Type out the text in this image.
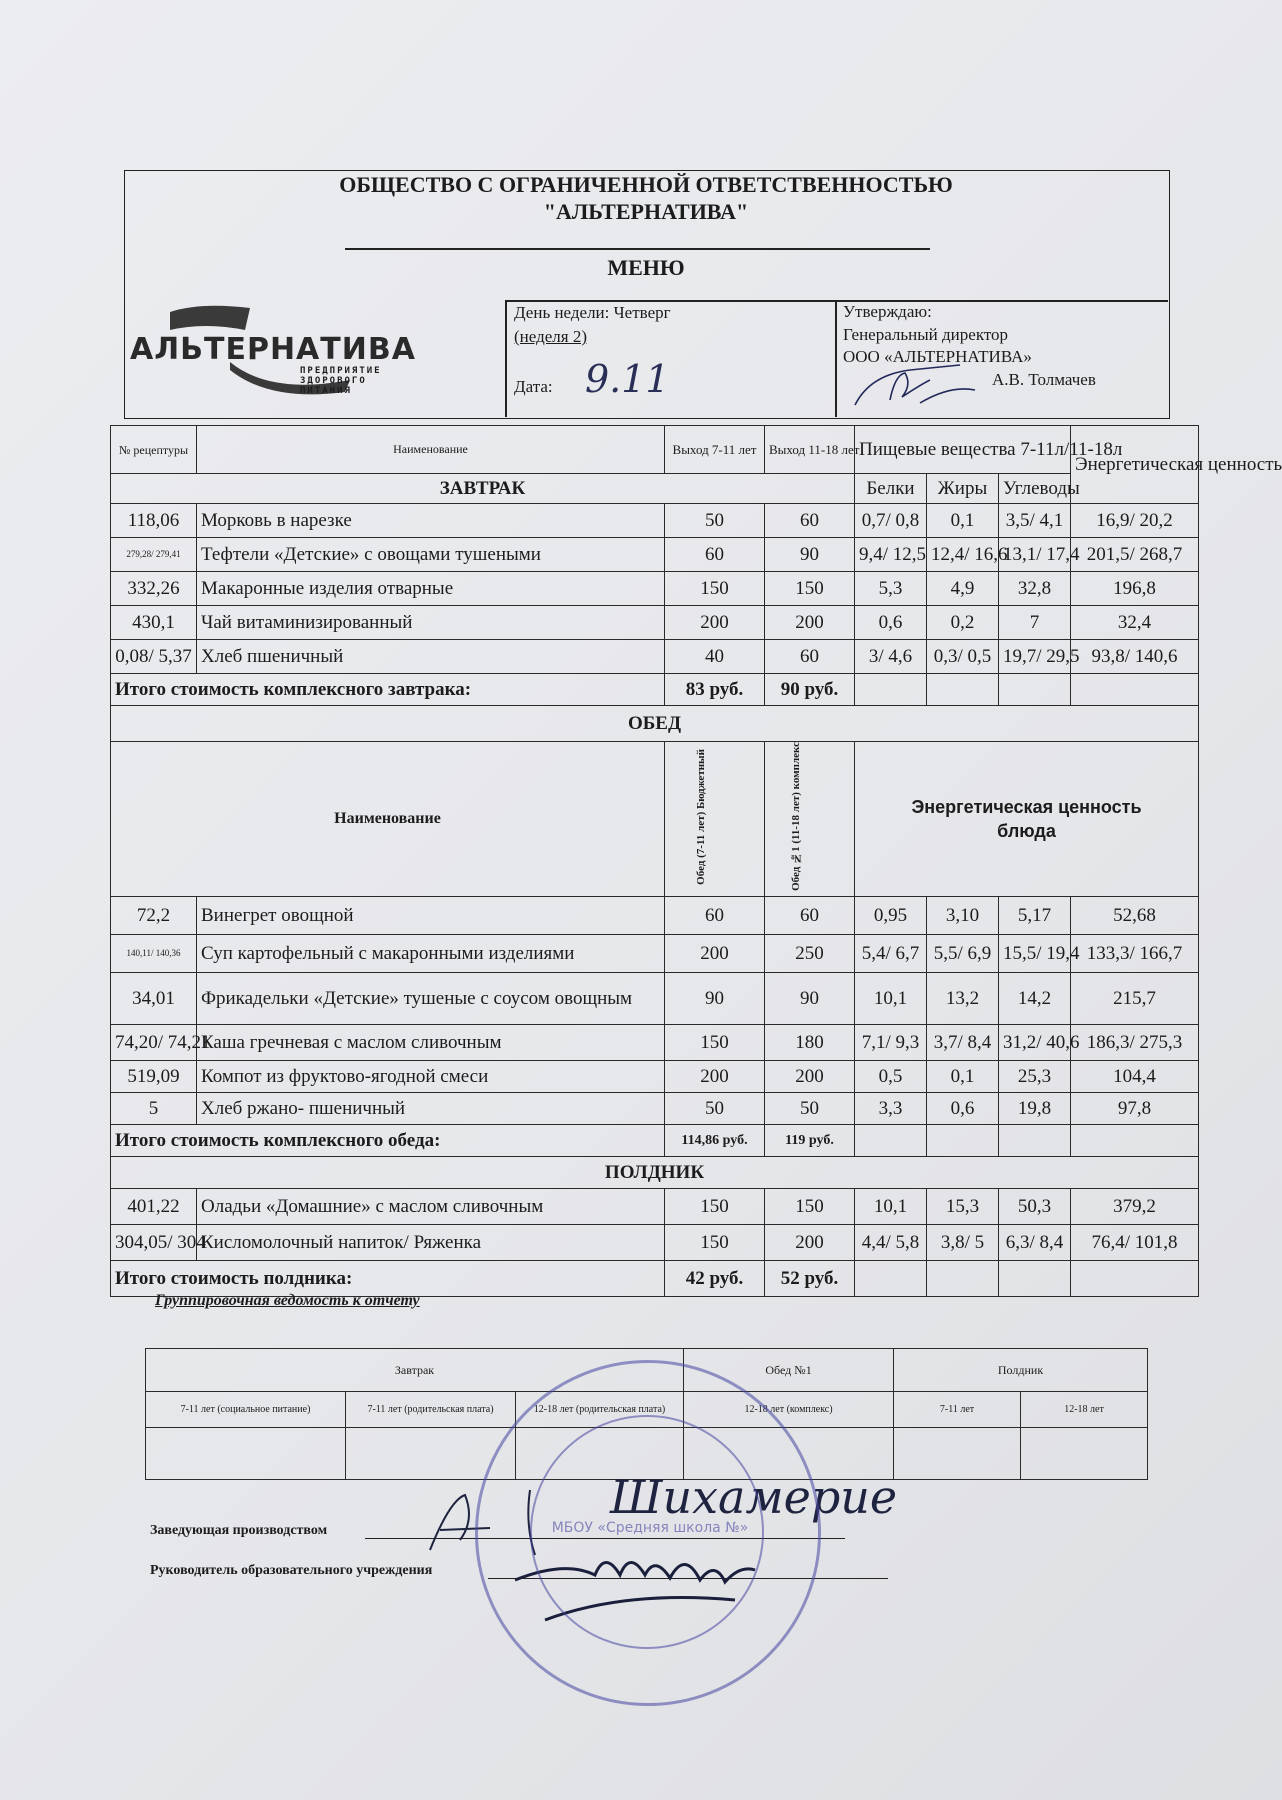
ОБЩЕСТВО С ОГРАНИЧЕННОЙ ОТВЕТСТВЕННОСТЬЮ
"АЛЬТЕРНАТИВА"
МЕНЮ
АЛЬТЕРНАТИВА
ПРЕДПРИЯТИЕ
ЗДОРОВОГО
ПИТАНИЯ
День недели: Четверг
(неделя 2)
Дата: 9.11
Утверждаю:
Генеральный директор
ООО «АЛЬТЕРНАТИВА»
А.В. Толмачев
№ рецептуры	Наименование	Выход 7-11 лет	Выход 11-18 лет	Пищевые вещества 7-11л/11-18л			Энергетическая ценность
ЗАВТРАК				Белки	Жиры	Углеводы	
118,06	Морковь в нарезке	50	60	0,7/ 0,8	0,1	3,5/ 4,1	16,9/ 20,2
279,28/ 279,41	Тефтели «Детские» с овощами тушеными	60	90	9,4/ 12,5	12,4/ 16,6	13,1/ 17,4	201,5/ 268,7
332,26	Макаронные изделия отварные	150	150	5,3	4,9	32,8	196,8
430,1	Чай витаминизированный	200	200	0,6	0,2	7	32,4
0,08/ 5,37	Хлеб пшеничный	40	60	3/ 4,6	0,3/ 0,5	19,7/ 29,5	93,8/ 140,6
Итого стоимость комплексного завтрака:		83 руб.	90 руб.				
ОБЕД							
Наименование		Обед (7-11 лет) Бюджетный	Обед №1 (11-18 лет) комплекс	Энергетическая ценность блюда			
72,2	Винегрет овощной	60	60	0,95	3,10	5,17	52,68
140,11/ 140,36	Суп картофельный с макаронными изделиями	200	250	5,4/ 6,7	5,5/ 6,9	15,5/ 19,4	133,3/ 166,7
34,01	Фрикадельки «Детские» тушеные с соусом овощным	90	90	10,1	13,2	14,2	215,7
74,20/ 74,21	Каша гречневая с маслом сливочным	150	180	7,1/ 9,3	3,7/ 8,4	31,2/ 40,6	186,3/ 275,3
519,09	Компот из фруктово-ягодной смеси	200	200	0,5	0,1	25,3	104,4
5	Хлеб ржано- пшеничный	50	50	3,3	0,6	19,8	97,8
Итого стоимость комплексного обеда:		114,86 руб.	119 руб.				
ПОЛДНИК							
401,22	Оладьи «Домашние» с маслом сливочным	150	150	10,1	15,3	50,3	379,2
304,05/ 304	Кисломолочный напиток/ Ряженка	150	200	4,4/ 5,8	3,8/ 5	6,3/ 8,4	76,4/ 101,8
Итого стоимость полдника:		42 руб.	52 руб.				
Группировочная ведомость к отчету
Завтрак			Обед №1	Полдник	
7-11 лет (социальное питание)	7-11 лет (родительская плата)	12-18 лет (родительская плата)	12-18 лет (комплекс)	7-11 лет	12-18 лет

Заведующая производством
Шихамерие
Руководитель образовательного учреждения
МБОУ «Средняя школа №»
